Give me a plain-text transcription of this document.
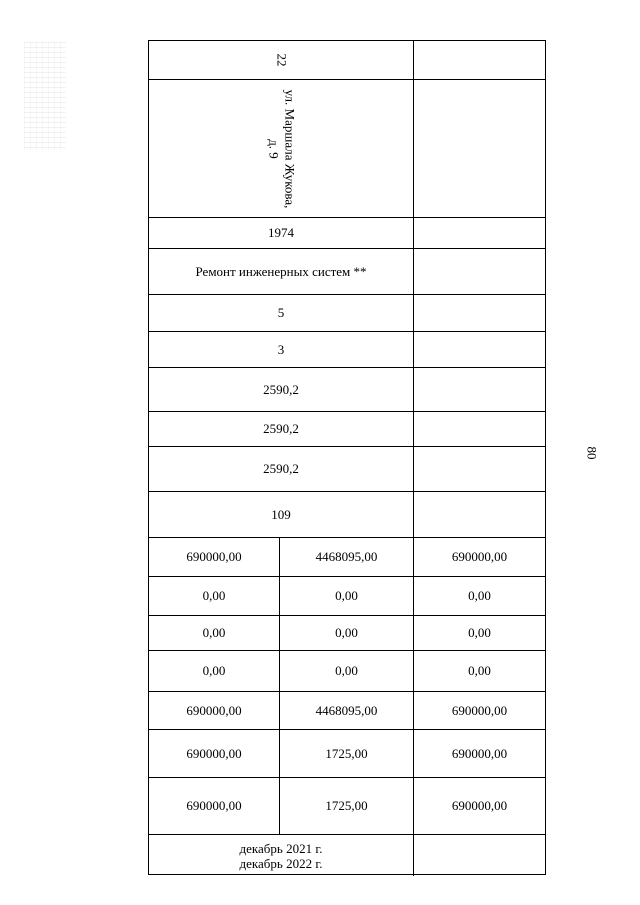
80
22
ул. Маршала Жукова,
д. 9
1974
Ремонт инженерных систем **
5
3
2590,2
2590,2
2590,2
109
690000,00	4468095,00	690000,00
0,00	0,00	0,00
0,00	0,00	0,00
0,00	0,00	0,00
690000,00	4468095,00	690000,00
690000,00	1725,00	690000,00
690000,00	1725,00	690000,00
декабрь 2021 г.
декабрь 2022 г.
